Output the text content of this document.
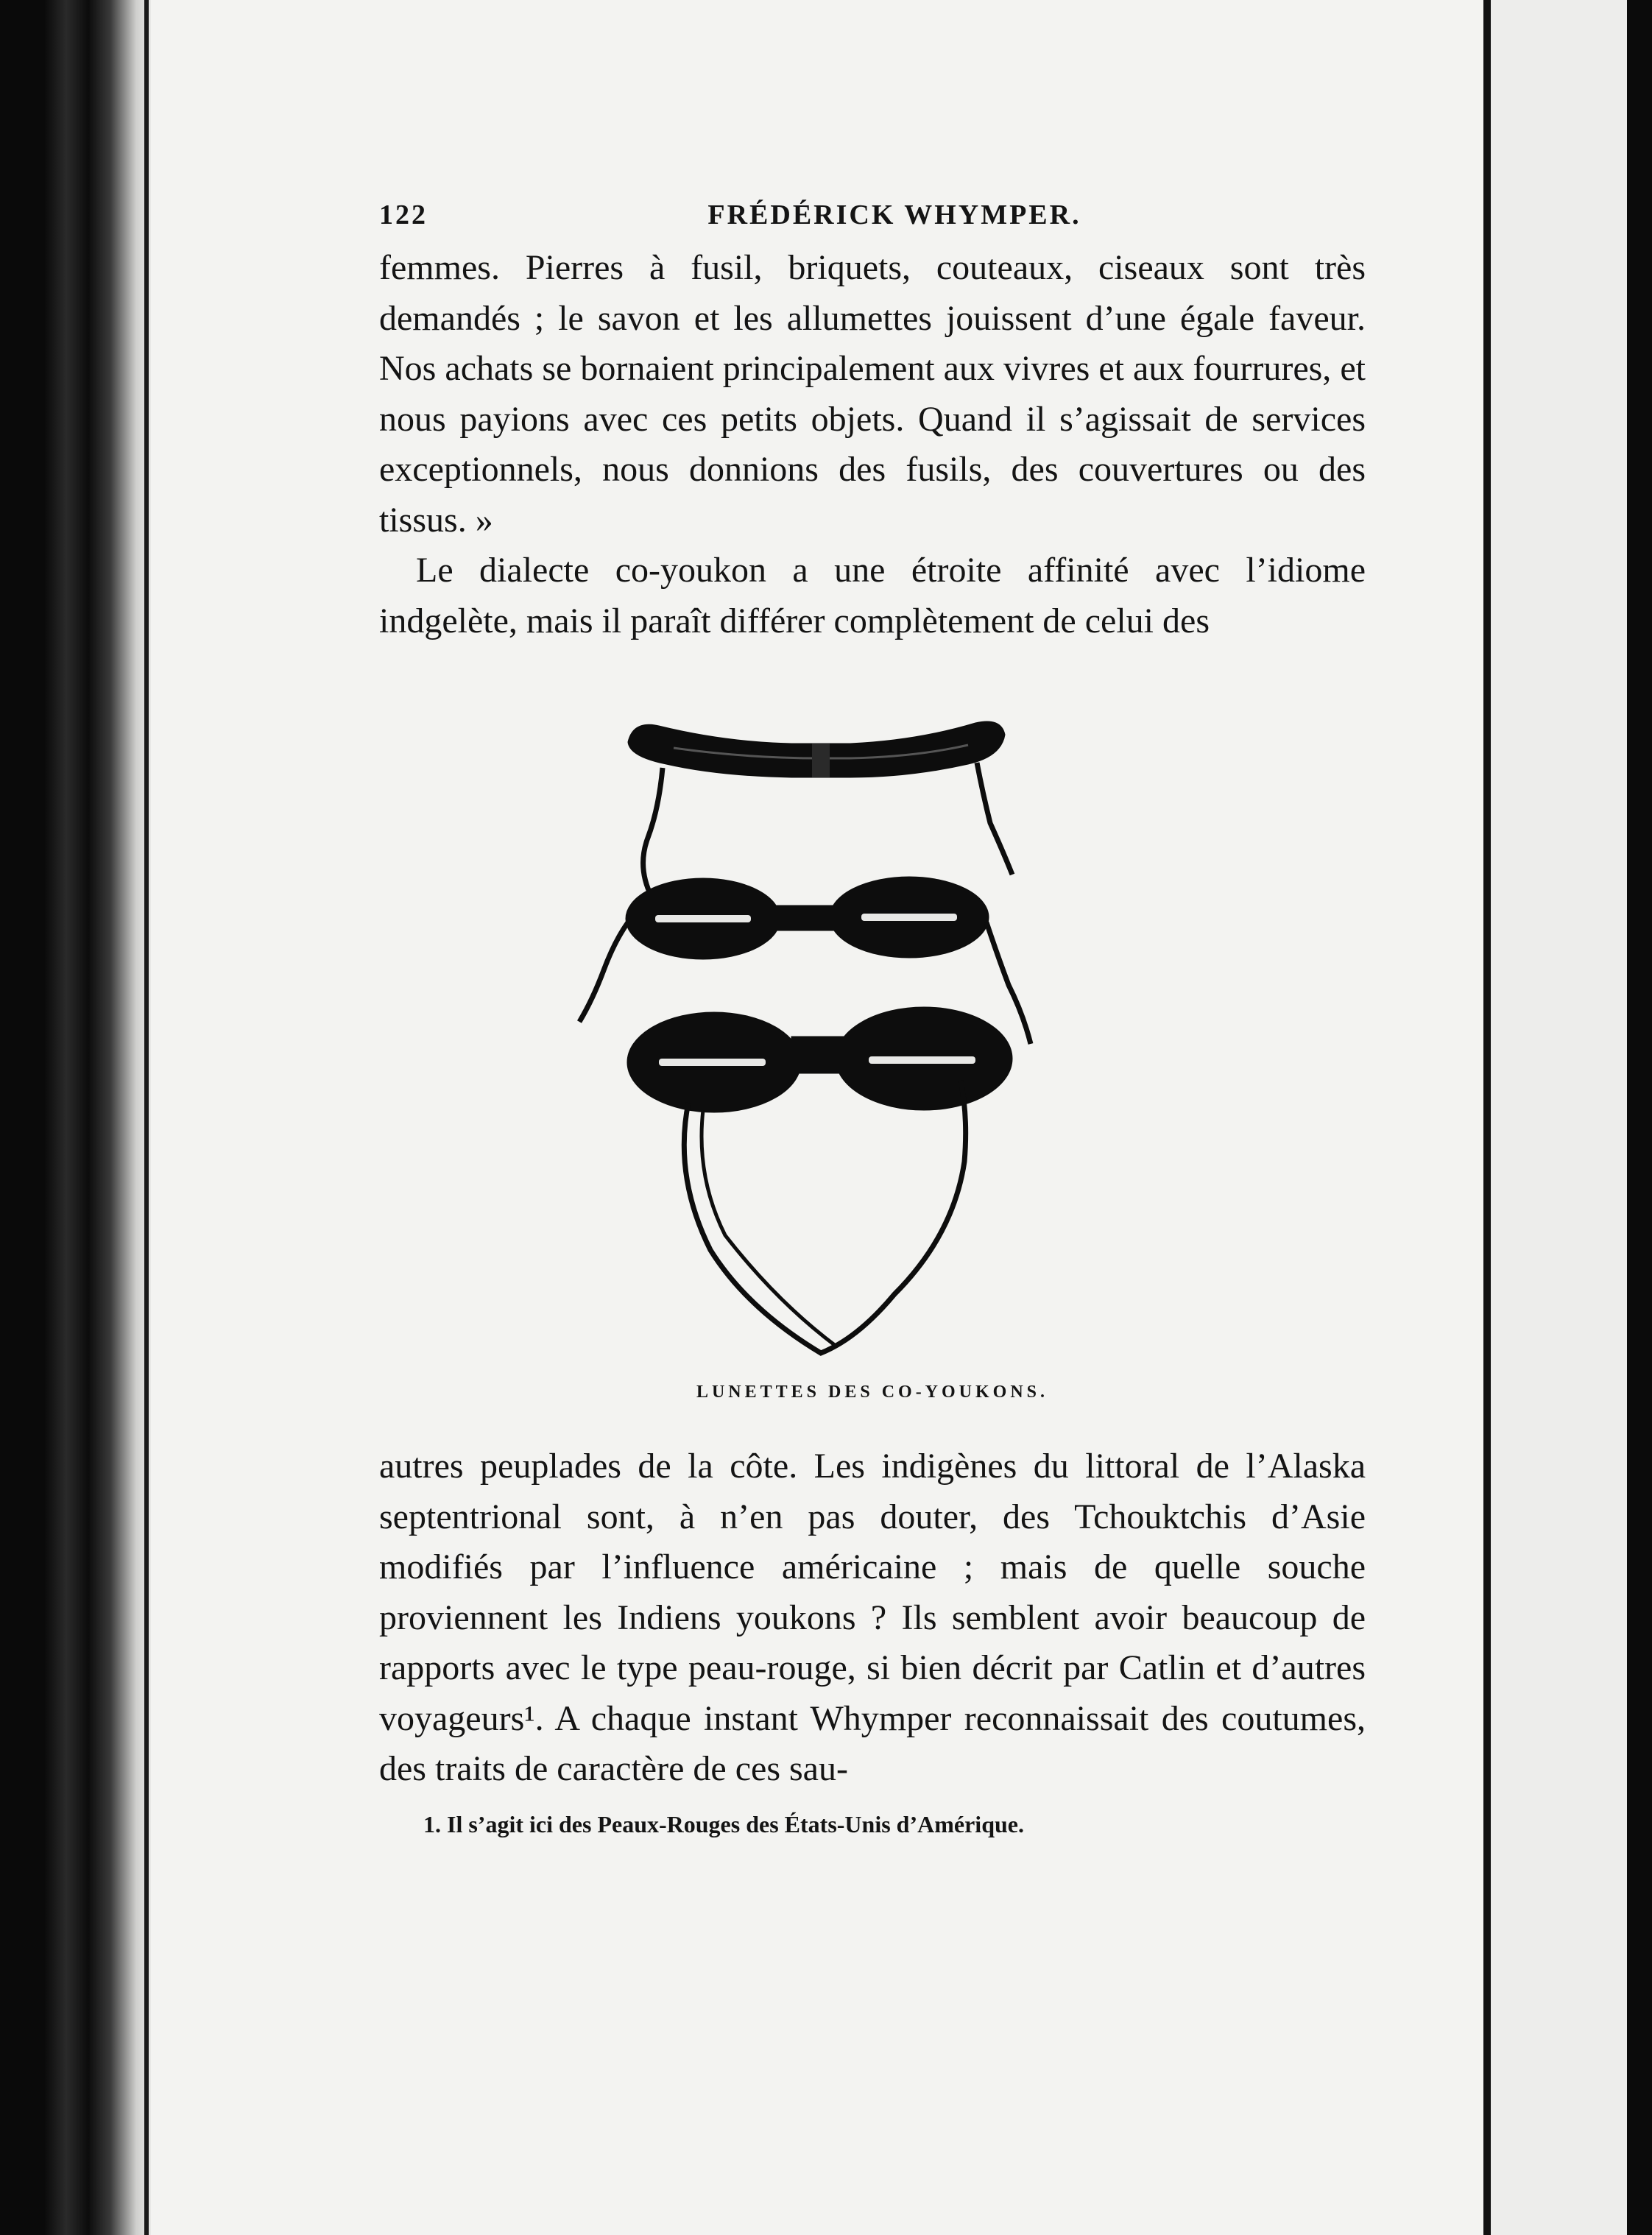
122	FRÉDÉRICK WHYMPER.

femmes. Pierres à fusil, briquets, couteaux, ciseaux sont très demandés ; le savon et les allumettes jouissent d’une égale faveur. Nos achats se bornaient principalement aux vivres et aux fourrures, et nous payions avec ces petits objets. Quand il s’agissait de services exceptionnels, nous donnions des fusils, des couvertures ou des tissus. »

Le dialecte co-youkon a une étroite affinité avec l’idiome indgelète, mais il paraît différer complètement de celui des

LUNETTES DES CO-YOUKONS.

autres peuplades de la côte. Les indigènes du littoral de l’Alaska septentrional sont, à n’en pas douter, des Tchouktchis d’Asie modifiés par l’influence américaine ; mais de quelle souche proviennent les Indiens youkons ? Ils semblent avoir beaucoup de rapports avec le type peau-rouge, si bien décrit par Catlin et d’autres voyageurs¹. A chaque instant Whymper reconnaissait des coutumes, des traits de caractère de ces sau-

1. Il s’agit ici des Peaux-Rouges des États-Unis d’Amérique.
